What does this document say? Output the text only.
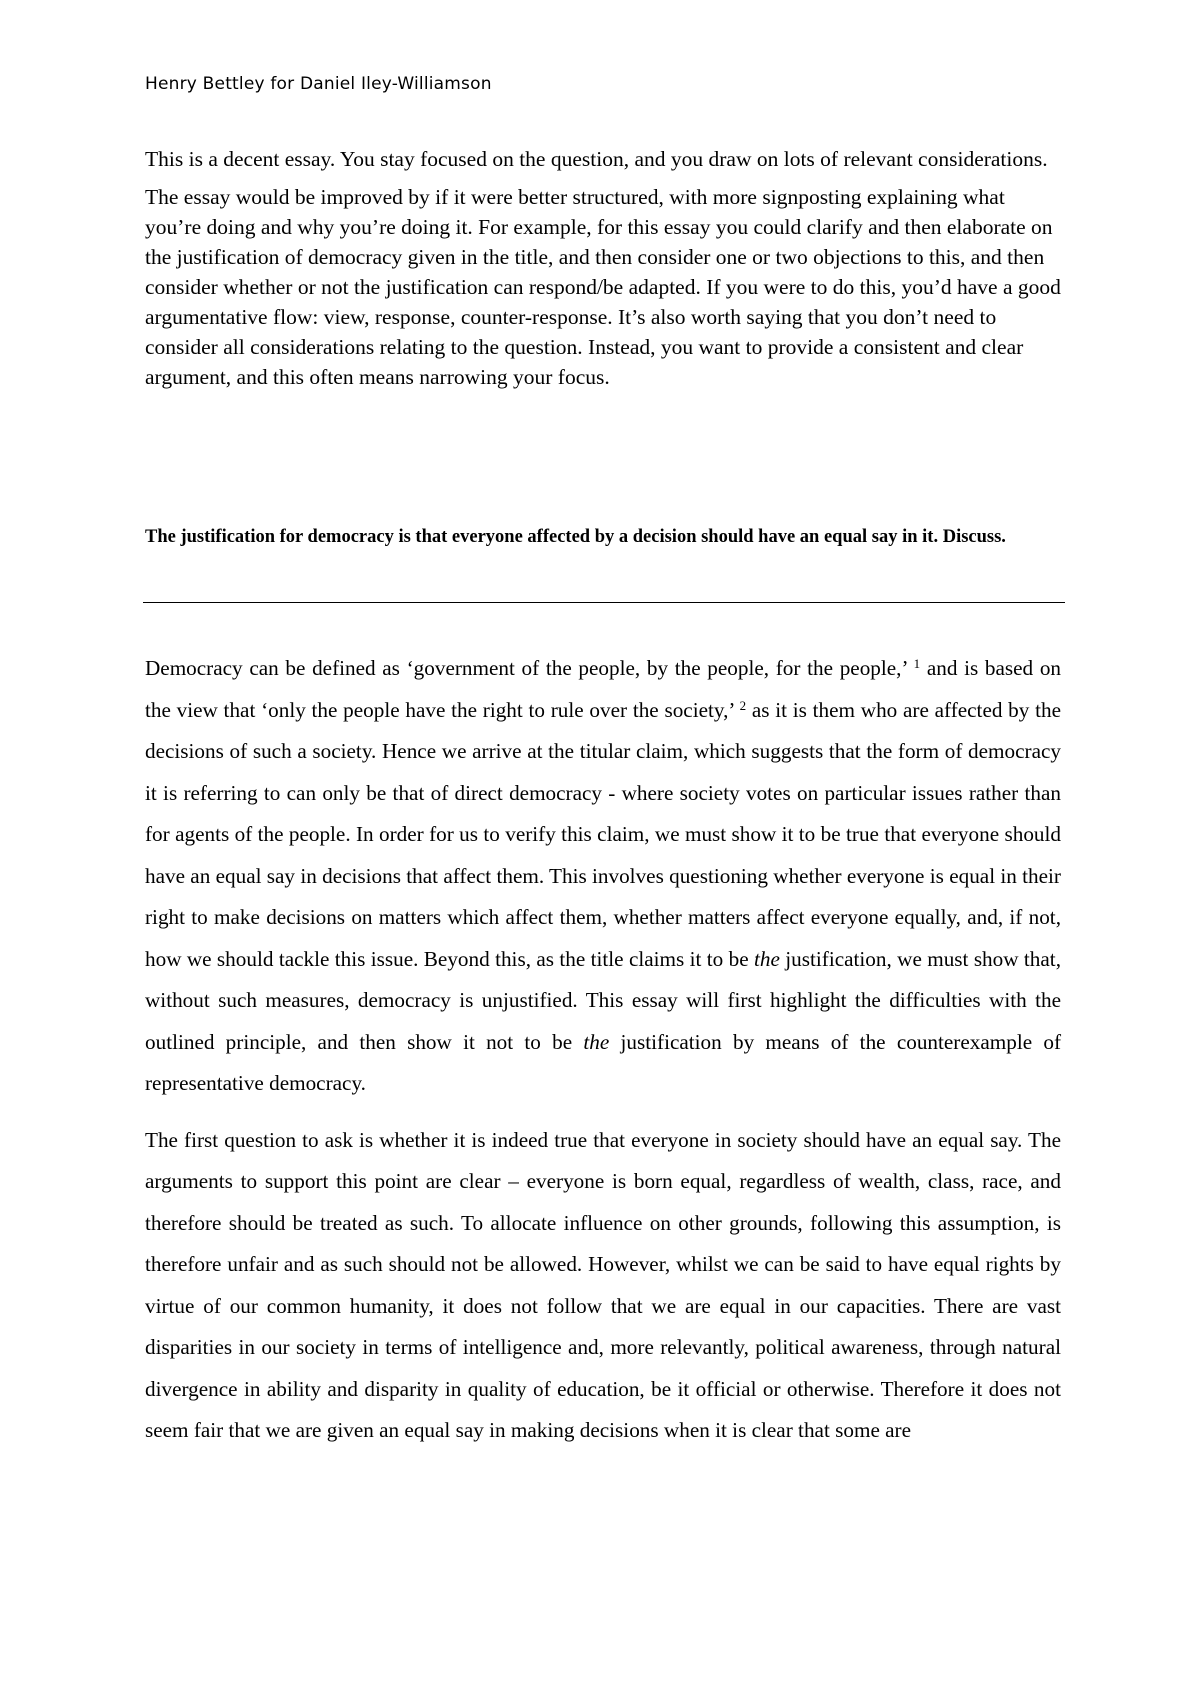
Henry Bettley for Daniel Iley-Williamson

This is a decent essay. You stay focused on the question, and you draw on lots of relevant considerations.

The essay would be improved by if it were better structured, with more signposting explaining what you’re doing and why you’re doing it. For example, for this essay you could clarify and then elaborate on the justification of democracy given in the title, and then consider one or two objections to this, and then consider whether or not the justification can respond/be adapted. If you were to do this, you’d have a good argumentative flow: view, response, counter-response. It’s also worth saying that you don’t need to consider all considerations relating to the question. Instead, you want to provide a consistent and clear argument, and this often means narrowing your focus.

The justification for democracy is that everyone affected by a decision should have an equal say in it. Discuss.

Democracy can be defined as ‘government of the people, by the people, for the people,’ $^1$ and is based on the view that ‘only the people have the right to rule over the society,’ $^2$ as it is them who are affected by the decisions of such a society. Hence we arrive at the titular claim, which suggests that the form of democracy it is referring to can only be that of direct democracy - where society votes on particular issues rather than for agents of the people. In order for us to verify this claim, we must show it to be true that everyone should have an equal say in decisions that affect them. This involves questioning whether everyone is equal in their right to make decisions on matters which affect them, whether matters affect everyone equally, and, if not, how we should tackle this issue. Beyond this, as the title claims it to be the justification, we must show that, without such measures, democracy is unjustified. This essay will first highlight the difficulties with the outlined principle, and then show it not to be the justification by means of the counterexample of representative democracy.

The first question to ask is whether it is indeed true that everyone in society should have an equal say. The arguments to support this point are clear – everyone is born equal, regardless of wealth, class, race, and therefore should be treated as such. To allocate influence on other grounds, following this assumption, is therefore unfair and as such should not be allowed. However, whilst we can be said to have equal rights by virtue of our common humanity, it does not follow that we are equal in our capacities. There are vast disparities in our society in terms of intelligence and, more relevantly, political awareness, through natural divergence in ability and disparity in quality of education, be it official or otherwise. Therefore it does not seem fair that we are given an equal say in making decisions when it is clear that some are
